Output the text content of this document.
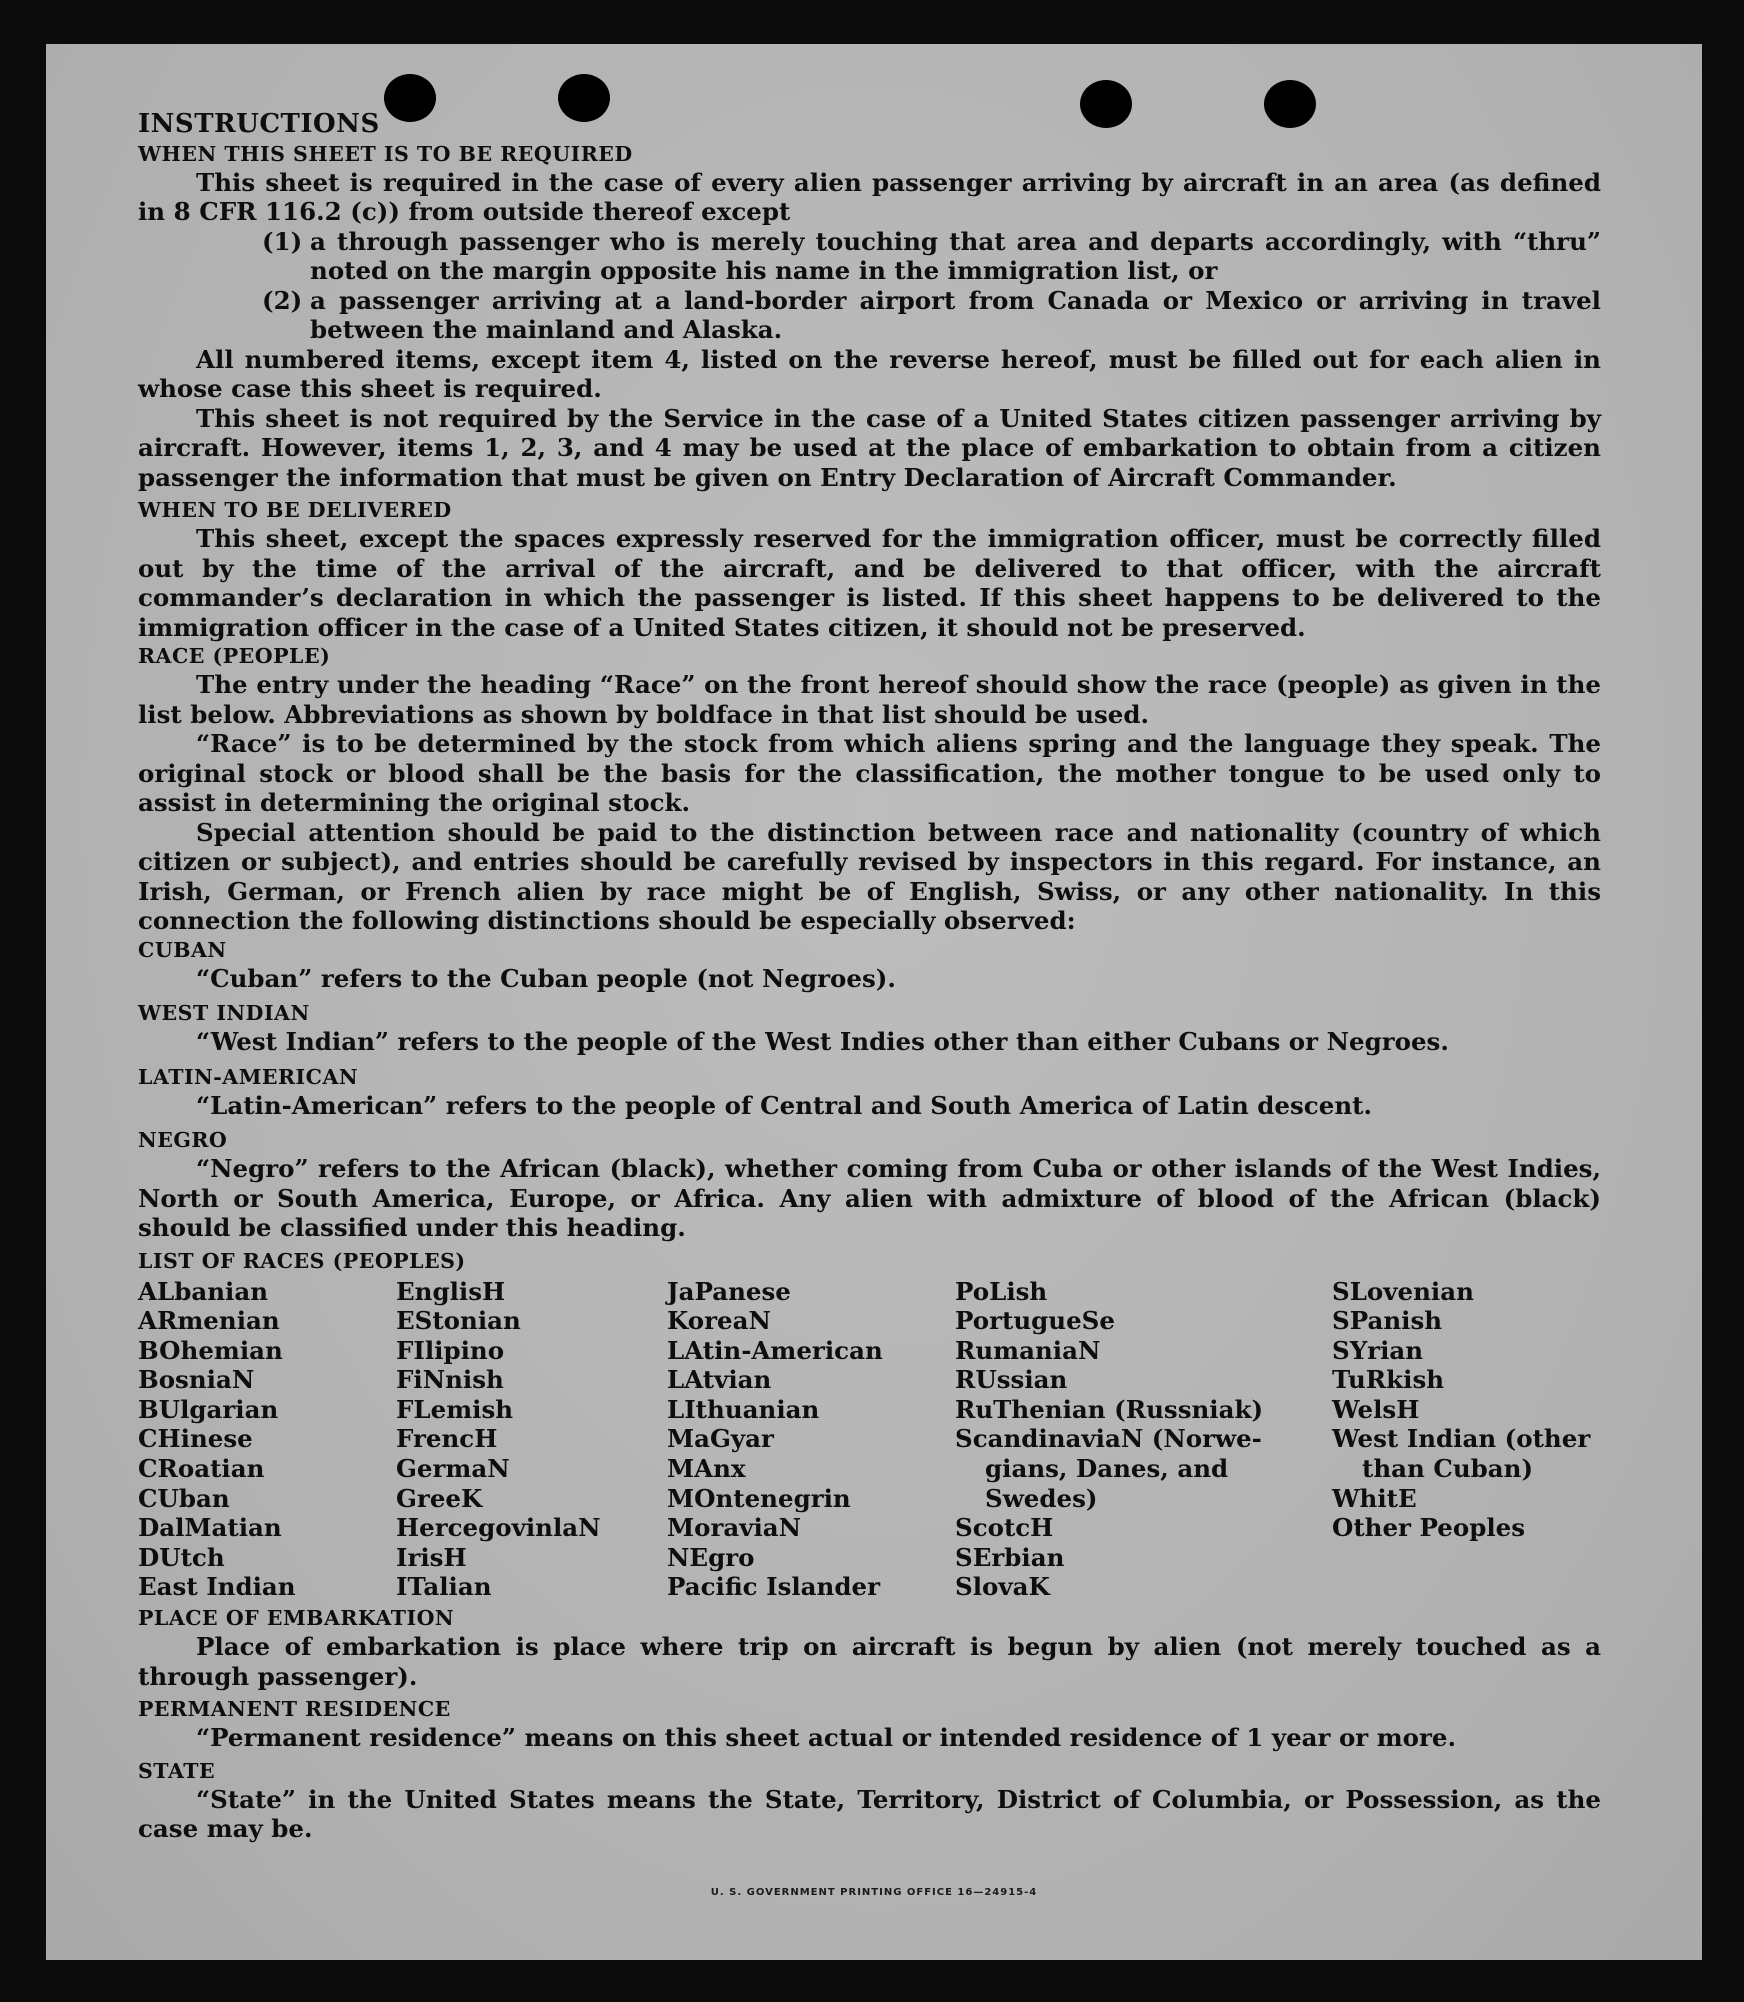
INSTRUCTIONS

WHEN THIS SHEET IS TO BE REQUIRED

This sheet is required in the case of every alien passenger arriving by aircraft in an area (as defined in 8 CFR 116.2 (c)) from outside thereof except

(1) a through passenger who is merely touching that area and departs accordingly, with “thru” noted on the margin opposite his name in the immigration list, or
(2) a passenger arriving at a land-border airport from Canada or Mexico or arriving in travel between the mainland and Alaska.

All numbered items, except item 4, listed on the reverse hereof, must be filled out for each alien in whose case this sheet is required.

This sheet is not required by the Service in the case of a United States citizen passenger arriving by aircraft. However, items 1, 2, 3, and 4 may be used at the place of embarkation to obtain from a citizen passenger the information that must be given on Entry Declaration of Aircraft Commander.

WHEN TO BE DELIVERED

This sheet, except the spaces expressly reserved for the immigration officer, must be correctly filled out by the time of the arrival of the aircraft, and be delivered to that officer, with the aircraft commander’s declaration in which the passenger is listed. If this sheet happens to be delivered to the immigration officer in the case of a United States citizen, it should not be preserved.

RACE (PEOPLE)

The entry under the heading “Race” on the front hereof should show the race (people) as given in the list below. Abbreviations as shown by boldface in that list should be used.

“Race” is to be determined by the stock from which aliens spring and the language they speak. The original stock or blood shall be the basis for the classification, the mother tongue to be used only to assist in determining the original stock.

Special attention should be paid to the distinction between race and nationality (country of which citizen or subject), and entries should be carefully revised by inspectors in this regard. For instance, an Irish, German, or French alien by race might be of English, Swiss, or any other nationality. In this connection the following distinctions should be especially observed:

CUBAN

“Cuban” refers to the Cuban people (not Negroes).

WEST INDIAN

“West Indian” refers to the people of the West Indies other than either Cubans or Negroes.

LATIN-AMERICAN

“Latin-American” refers to the people of Central and South America of Latin descent.

NEGRO

“Negro” refers to the African (black), whether coming from Cuba or other islands of the West Indies, North or South America, Europe, or Africa. Any alien with admixture of blood of the African (black) should be classified under this heading.

LIST OF RACES (PEOPLES)

ALbanian
ARmenian
BOhemian
BosniaN
BUlgarian
CHinese
CRoatian
CUban
DalMatian
DUtch
East Indian
EnglisH
EStonian
FIlipino
FiNnish
FLemish
FrencH
GermaN
GreeK
HercegovinlaN
IrisH
ITalian
JaPanese
KoreaN
LAtin-American
LAtvian
LIthuanian
MaGyar
MAnx
MOntenegrin
MoraviaN
NEgro
Pacific Islander
PoLish
PortugueSe
RumaniaN
RUssian
RuThenian (Russniak)
ScandinaviaN (Norwe-
gians, Danes, and
Swedes)
ScotcH
SErbian
SlovaK
SLovenian
SPanish
SYrian
TuRkish
WelsH
West Indian (other
than Cuban)
WhitE
Other Peoples

PLACE OF EMBARKATION

Place of embarkation is place where trip on aircraft is begun by alien (not merely touched as a through passenger).

PERMANENT RESIDENCE

“Permanent residence” means on this sheet actual or intended residence of 1 year or more.

STATE

“State” in the United States means the State, Territory, District of Columbia, or Possession, as the case may be.

U. S. GOVERNMENT PRINTING OFFICE 16—24915-4
